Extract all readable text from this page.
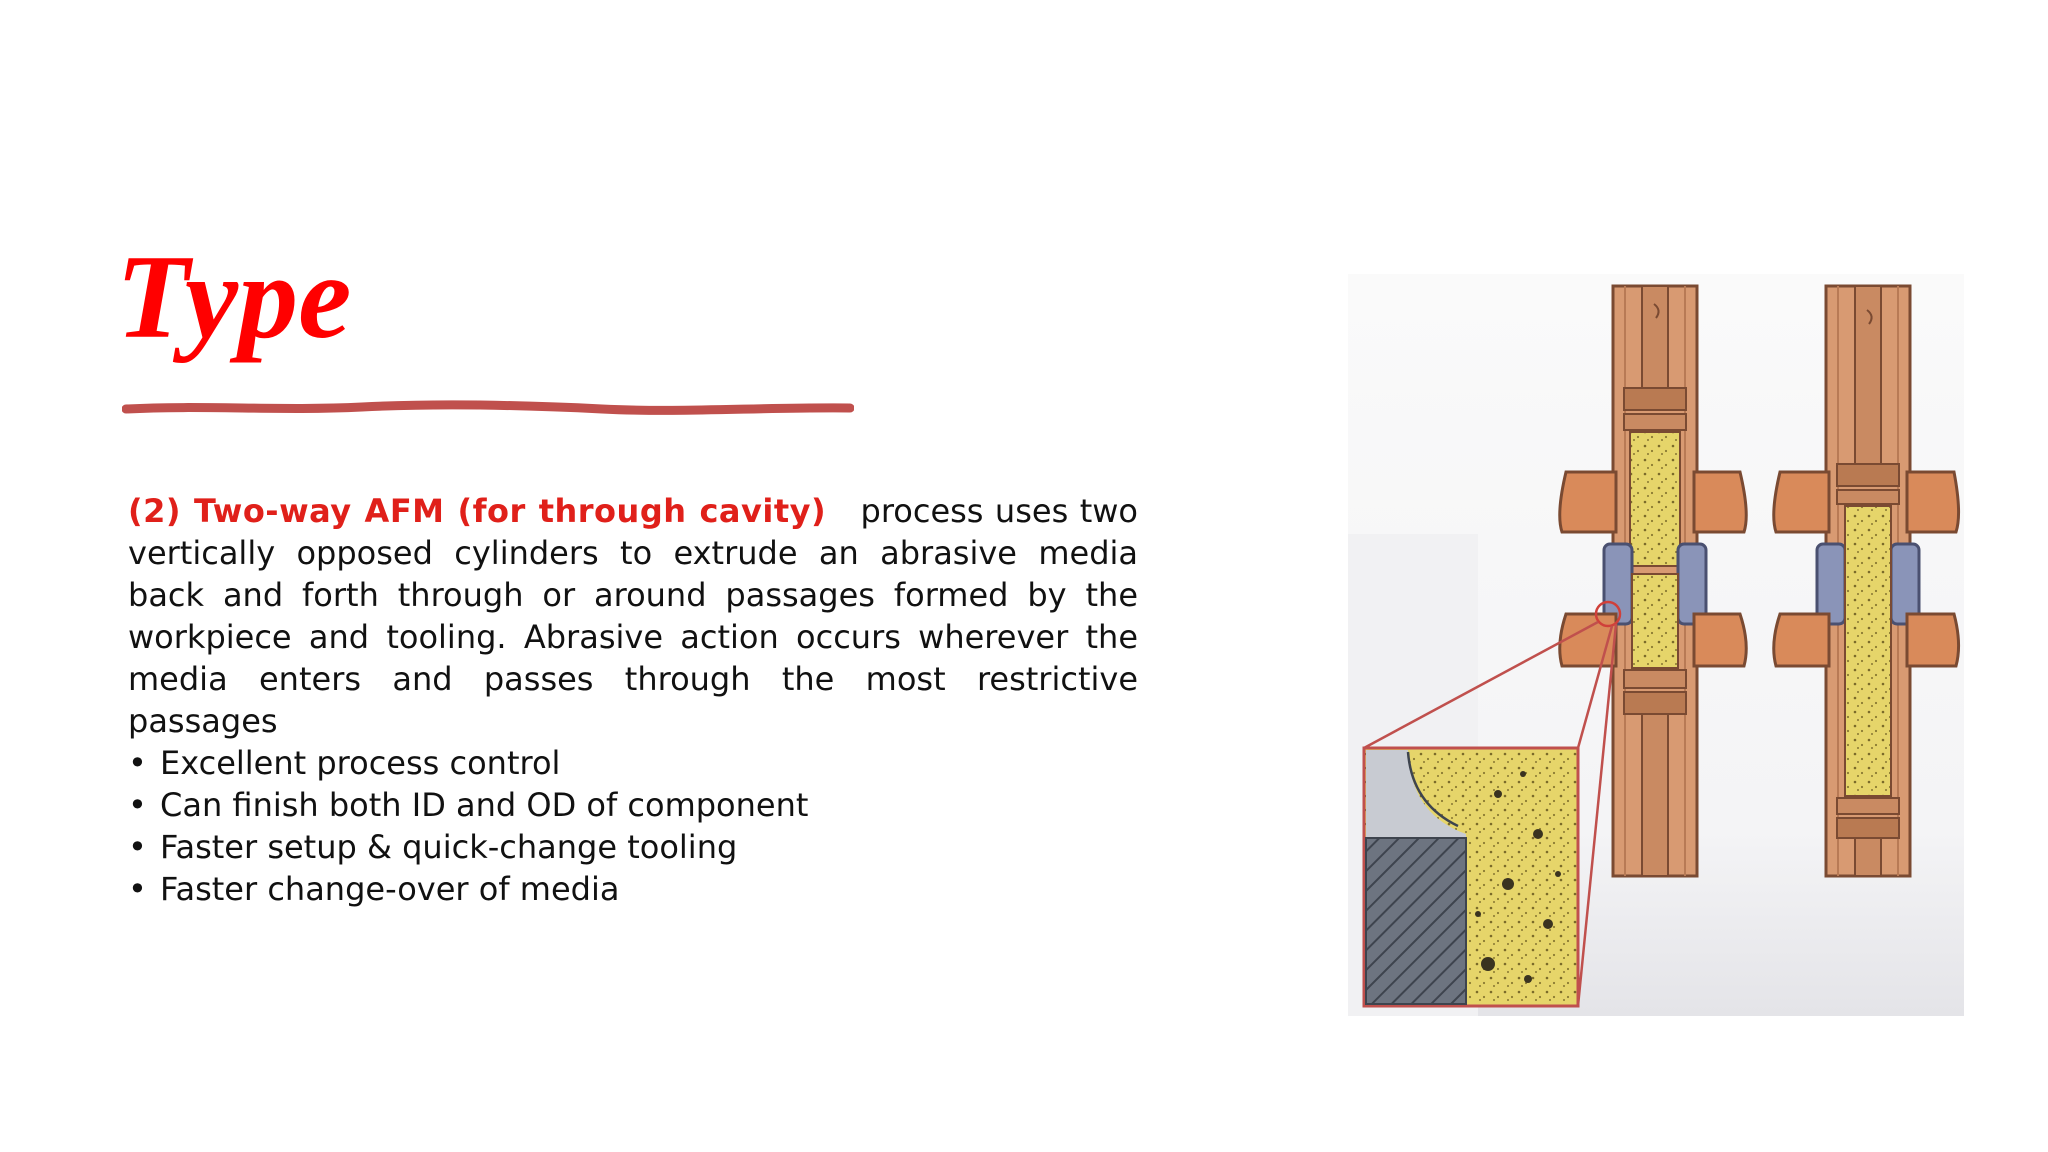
Type

(2) Two-way AFM (for through cavity) process uses two vertically opposed cylinders to extrude an abrasive media back and forth through or around passages formed by the workpiece and tooling. Abrasive action occurs wherever the media enters and passes through the most restrictive passages

• Excellent process control
• Can finish both ID and OD of component
• Faster setup & quick-change tooling
• Faster change-over of media
